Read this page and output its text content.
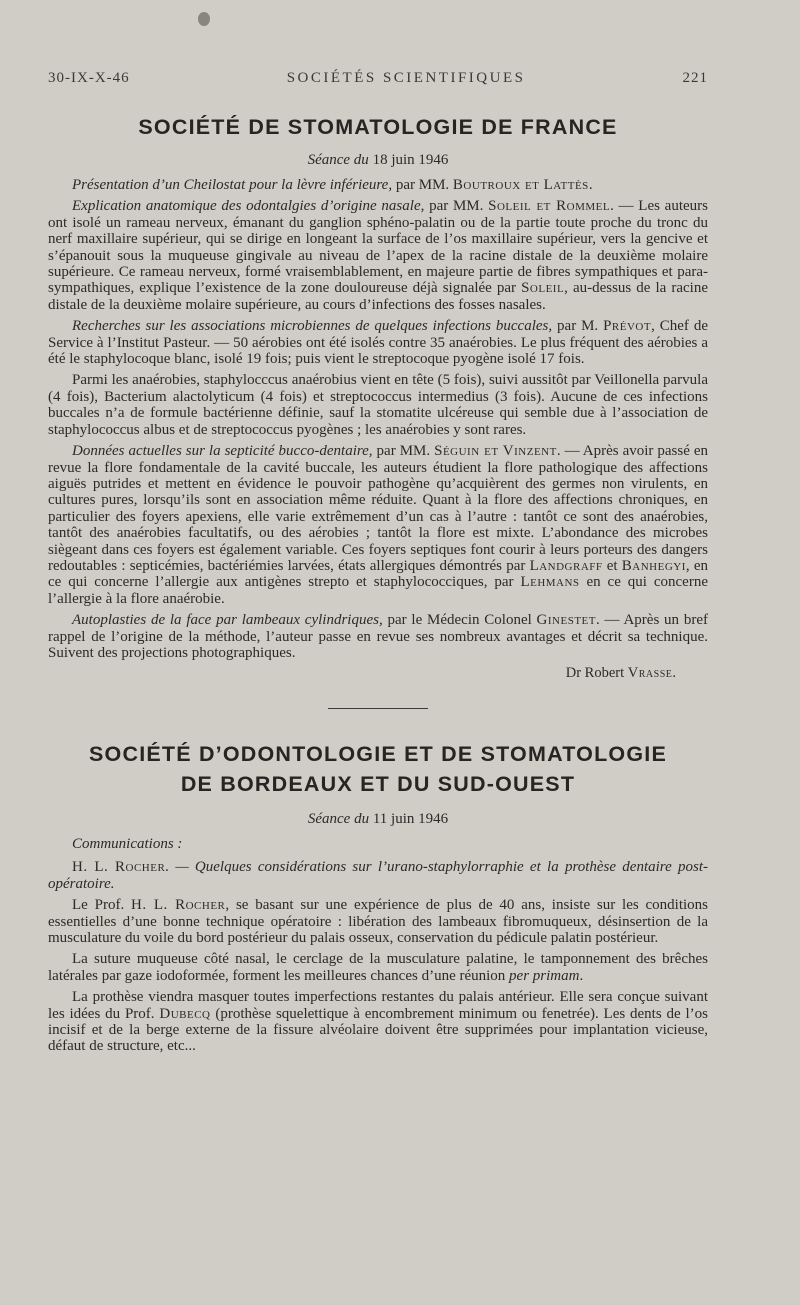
30-IX-X-46	SOCIÉTÉS SCIENTIFIQUES	221
SOCIÉTÉ DE STOMATOLOGIE DE FRANCE
Séance du 18 juin 1946

Présentation d’un Cheilostat pour la lèvre inférieure, par MM. Boutroux et Lattès.

Explication anatomique des odontalgies d’origine nasale, par MM. Soleil et Rommel. — Les auteurs ont isolé un rameau nerveux, émanant du ganglion sphéno-palatin ou de la partie toute proche du tronc du nerf maxillaire supérieur, qui se dirige en longeant la surface de l’os maxillaire supérieur, vers la gencive et s’épanouit sous la muqueuse gingivale au niveau de l’apex de la racine distale de la deuxième molaire supérieure. Ce rameau nerveux, formé vraisemblablement, en majeure partie de fibres sympathiques et para-sympathiques, explique l’existence de la zone douloureuse déjà signalée par Soleil, au-dessus de la racine distale de la deuxième molaire supérieure, au cours d’infections des fosses nasales.

Recherches sur les associations microbiennes de quelques infections buccales, par M. Prévot, Chef de Service à l’Institut Pasteur. — 50 aérobies ont été isolés contre 35 anaérobies. Le plus fréquent des aérobies a été le staphylocoque blanc, isolé 19 fois; puis vient le streptocoque pyogène isolé 17 fois.

Parmi les anaérobies, staphylocccus anaérobius vient en tête (5 fois), suivi aussitôt par Veillonella parvula (4 fois), Bacterium alactolyticum (4 fois) et streptococcus intermedius (3 fois). Aucune de ces infections buccales n’a de formule bactérienne définie, sauf la stomatite ulcéreuse qui semble due à l’association de staphylococcus albus et de streptococcus pyogènes ; les anaérobies y sont rares.

Données actuelles sur la septicité bucco-dentaire, par MM. Séguin et Vinzent. — Après avoir passé en revue la flore fondamentale de la cavité buccale, les auteurs étudient la flore pathologique des affections aiguës putrides et mettent en évidence le pouvoir pathogène qu’acquièrent des germes non virulents, en cultures pures, lorsqu’ils sont en association même réduite. Quant à la flore des affections chroniques, en particulier des foyers apexiens, elle varie extrêmement d’un cas à l’autre : tantôt ce sont des anaérobies, tantôt des anaérobies facultatifs, ou des aérobies ; tantôt la flore est mixte. L’abondance des microbes siègeant dans ces foyers est également variable. Ces foyers septiques font courir à leurs porteurs des dangers redoutables : septicémies, bactériémies larvées, états allergiques démontrés par Landgraff et Banhegyi, en ce qui concerne l’allergie aux antigènes strepto et staphylococciques, par Lehmans en ce qui concerne l’allergie à la flore anaérobie.

Autoplasties de la face par lambeaux cylindriques, par le Médecin Colonel Ginestet. — Après un bref rappel de l’origine de la méthode, l’auteur passe en revue ses nombreux avantages et décrit sa technique. Suivent des projections photographiques.

Dr Robert Vrasse.
SOCIÉTÉ D’ODONTOLOGIE ET DE STOMATOLOGIE
DE BORDEAUX ET DU SUD-OUEST
Séance du 11 juin 1946
Communications :

H. L. Rocher. — Quelques considérations sur l’urano-staphylorraphie et la prothèse dentaire post-opératoire.

Le Prof. H. L. Rocher, se basant sur une expérience de plus de 40 ans, insiste sur les conditions essentielles d’une bonne technique opératoire : libération des lambeaux fibromuqueux, désinsertion de la musculature du voile du bord postérieur du palais osseux, conservation du pédicule palatin postérieur.

La suture muqueuse côté nasal, le cerclage de la musculature palatine, le tamponnement des brêches latérales par gaze iodoformée, forment les meilleures chances d’une réunion per primam.

La prothèse viendra masquer toutes imperfections restantes du palais antérieur. Elle sera conçue suivant les idées du Prof. Dubecq (prothèse squelettique à encombrement minimum ou fenetrée). Les dents de l’os incisif et de la berge externe de la fissure alvéolaire doivent être supprimées pour implantation vicieuse, défaut de structure, etc...
